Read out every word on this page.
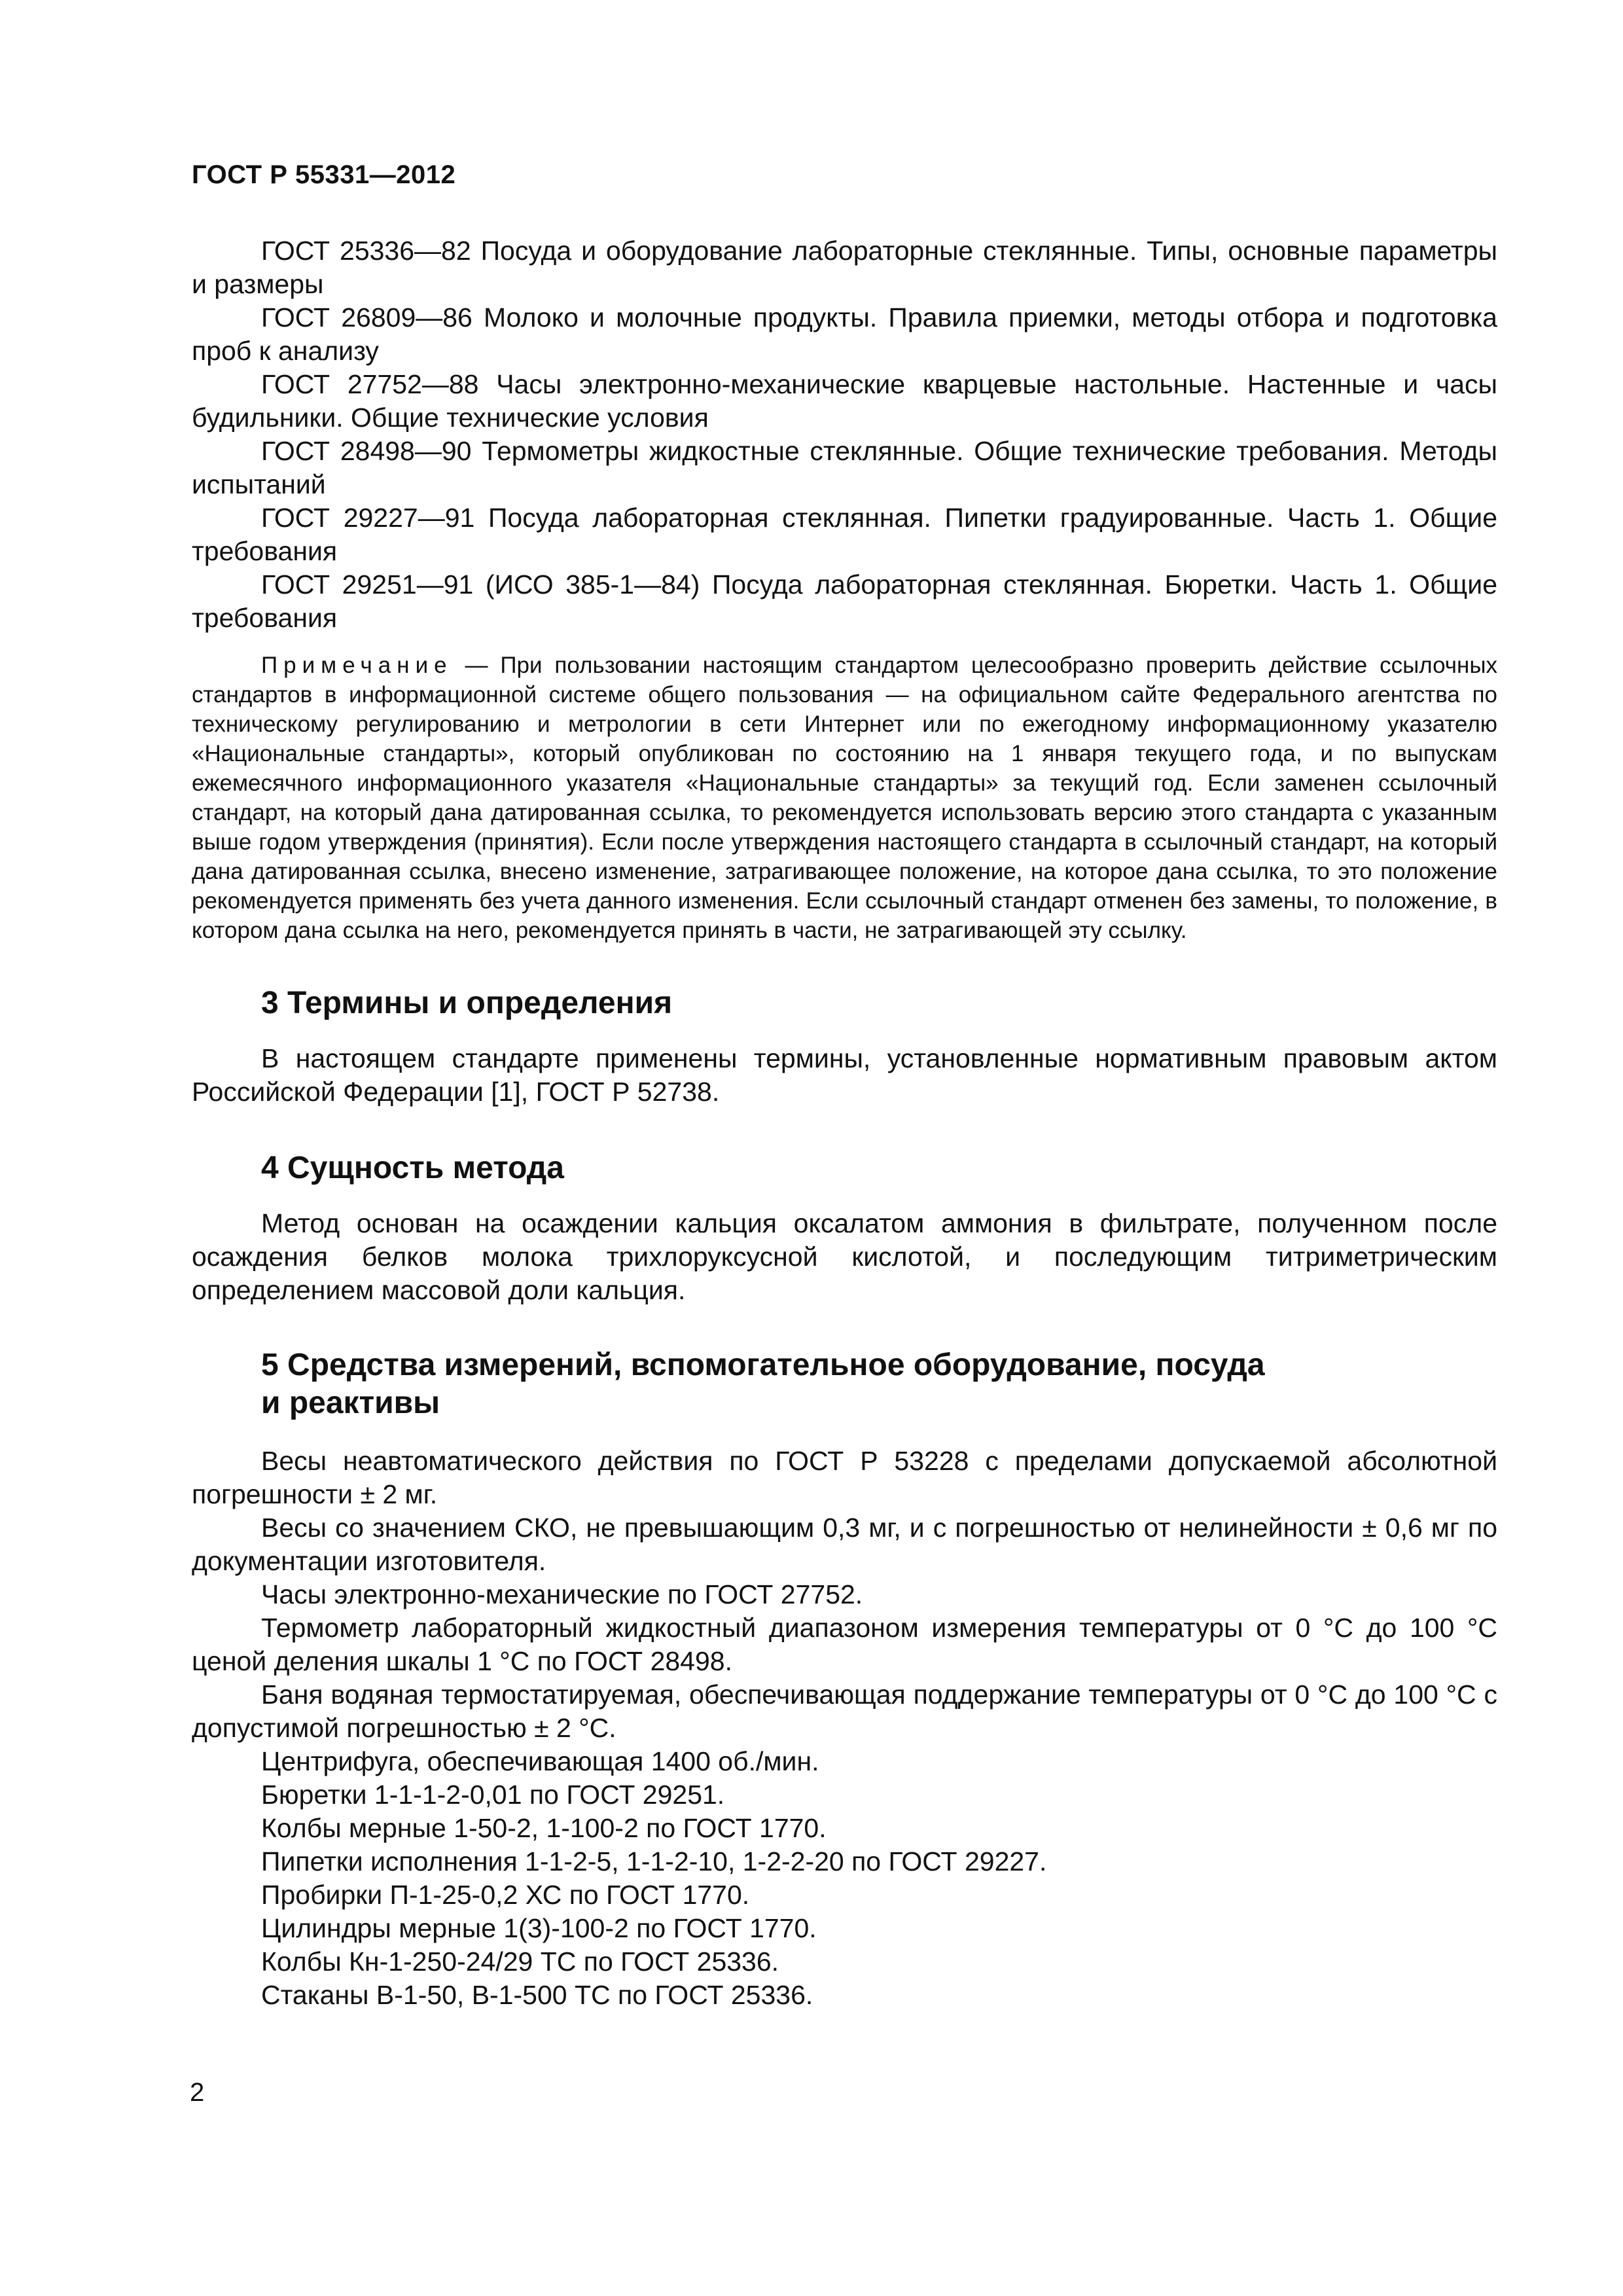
ГОСТ Р 55331—2012

ГОСТ 25336—82 Посуда и оборудование лабораторные стеклянные. Типы, основные параметры и размеры

ГОСТ 26809—86 Молоко и молочные продукты. Правила приемки, методы отбора и подготовка проб к анализу

ГОСТ 27752—88 Часы электронно-механические кварцевые настольные. Настенные и часы будильники. Общие технические условия

ГОСТ 28498—90 Термометры жидкостные стеклянные. Общие технические требования. Методы испытаний

ГОСТ 29227—91 Посуда лабораторная стеклянная. Пипетки градуированные. Часть 1. Общие требования

ГОСТ 29251—91 (ИСО 385-1—84) Посуда лабораторная стеклянная. Бюретки. Часть 1. Общие требования

Примечание — При пользовании настоящим стандартом целесообразно проверить действие ссылочных стандартов в информационной системе общего пользования — на официальном сайте Федерального агентства по техническому регулированию и метрологии в сети Интернет или по ежегодному информационному указателю «Национальные стандарты», который опубликован по состоянию на 1 января текущего года, и по выпускам ежемесячного информационного указателя «Национальные стандарты» за текущий год. Если заменен ссылочный стандарт, на который дана датированная ссылка, то рекомендуется использовать версию этого стандарта с указанным выше годом утверждения (принятия). Если после утверждения настоящего стандарта в ссылочный стандарт, на который дана датированная ссылка, внесено изменение, затрагивающее положение, на которое дана ссылка, то это положение рекомендуется применять без учета данного изменения. Если ссылочный стандарт отменен без замены, то положение, в котором дана ссылка на него, рекомендуется принять в части, не затрагивающей эту ссылку.

3 Термины и определения

В настоящем стандарте применены термины, установленные нормативным правовым актом Российской Федерации [1], ГОСТ Р 52738.

4 Сущность метода

Метод основан на осаждении кальция оксалатом аммония в фильтрате, полученном после осаждения белков молока трихлоруксусной кислотой, и последующим титриметрическим определением массовой доли кальция.

5 Средства измерений, вспомогательное оборудование, посуда
и реактивы

Весы неавтоматического действия по ГОСТ Р 53228 с пределами допускаемой абсолютной погрешности ± 2 мг.

Весы со значением СКО, не превышающим 0,3 мг, и с погрешностью от нелинейности ± 0,6 мг по документации изготовителя.

Часы электронно-механические по ГОСТ 27752.

Термометр лабораторный жидкостный диапазоном измерения температуры от 0 °С до 100 °С ценой деления шкалы 1 °С по ГОСТ 28498.

Баня водяная термостатируемая, обеспечивающая поддержание температуры от 0 °С до 100 °С с допустимой погрешностью ± 2 °С.

Центрифуга, обеспечивающая 1400 об./мин.

Бюретки 1-1-1-2-0,01 по ГОСТ 29251.

Колбы мерные 1-50-2, 1-100-2 по ГОСТ 1770.

Пипетки исполнения 1-1-2-5, 1-1-2-10, 1-2-2-20 по ГОСТ 29227.

Пробирки П-1-25-0,2 ХС по ГОСТ 1770.

Цилиндры мерные 1(3)-100-2 по ГОСТ 1770.

Колбы Кн-1-250-24/29 ТС по ГОСТ 25336.

Стаканы В-1-50, В-1-500 ТС по ГОСТ 25336.

2
